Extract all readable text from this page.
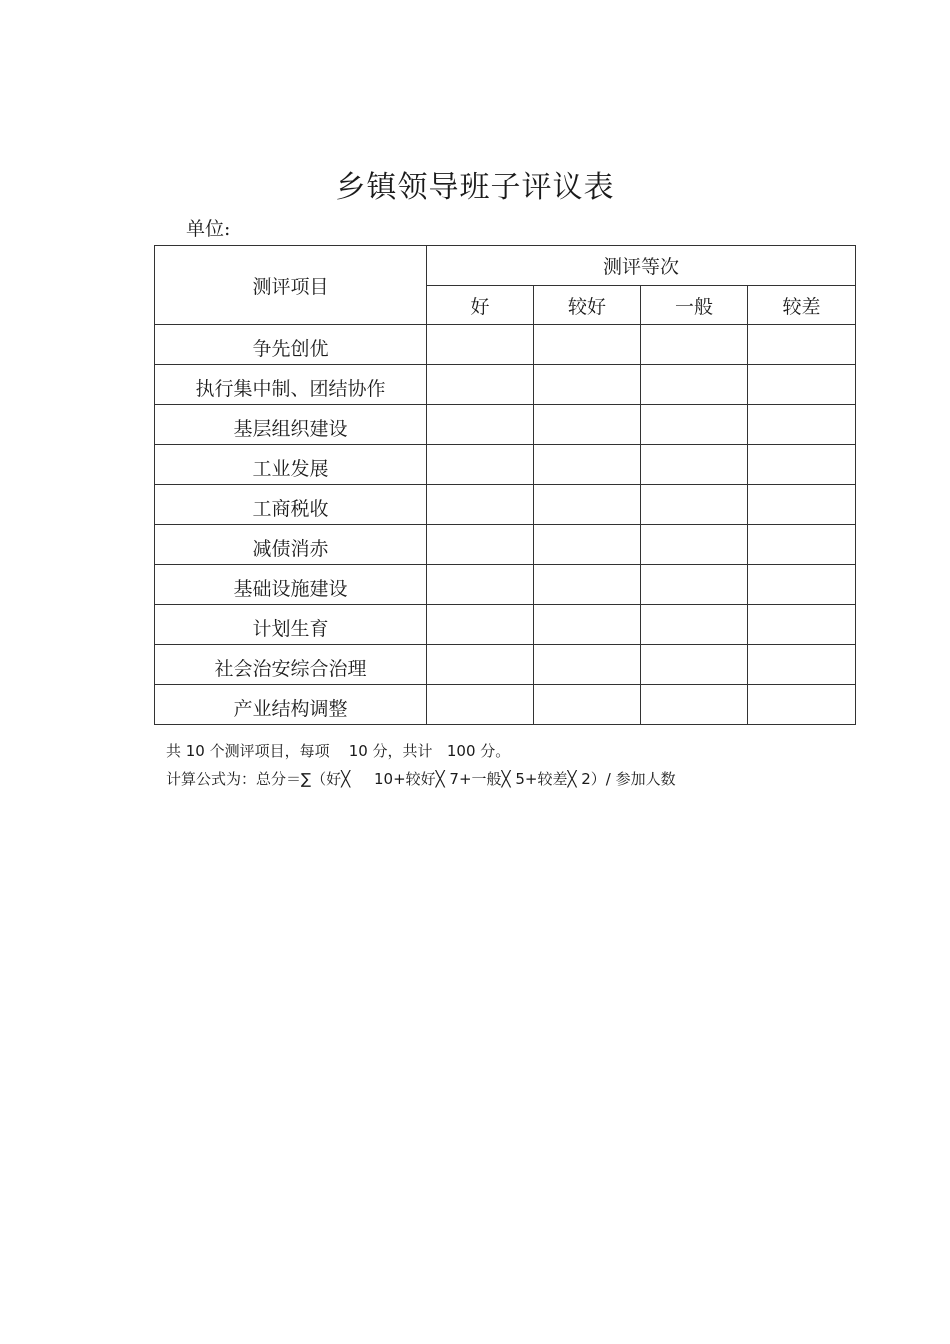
乡镇领导班子评议表
单位:
测评项目	测评等次			
	好	较好	一般	较差

争先创优				

执行集中制、团结协作				

基层组织建设				

工业发展				

工商税收				

减债消赤				

基础设施建设				

计划生育				

社会治安综合治理				

产业结构调整				

共 10 个测评项目，每项    10 分，共计   100 分。
计算公式为：总分＝∑（好╳     10+较好╳ 7+一般╳ 5+较差╳ 2）/ 参加人数
